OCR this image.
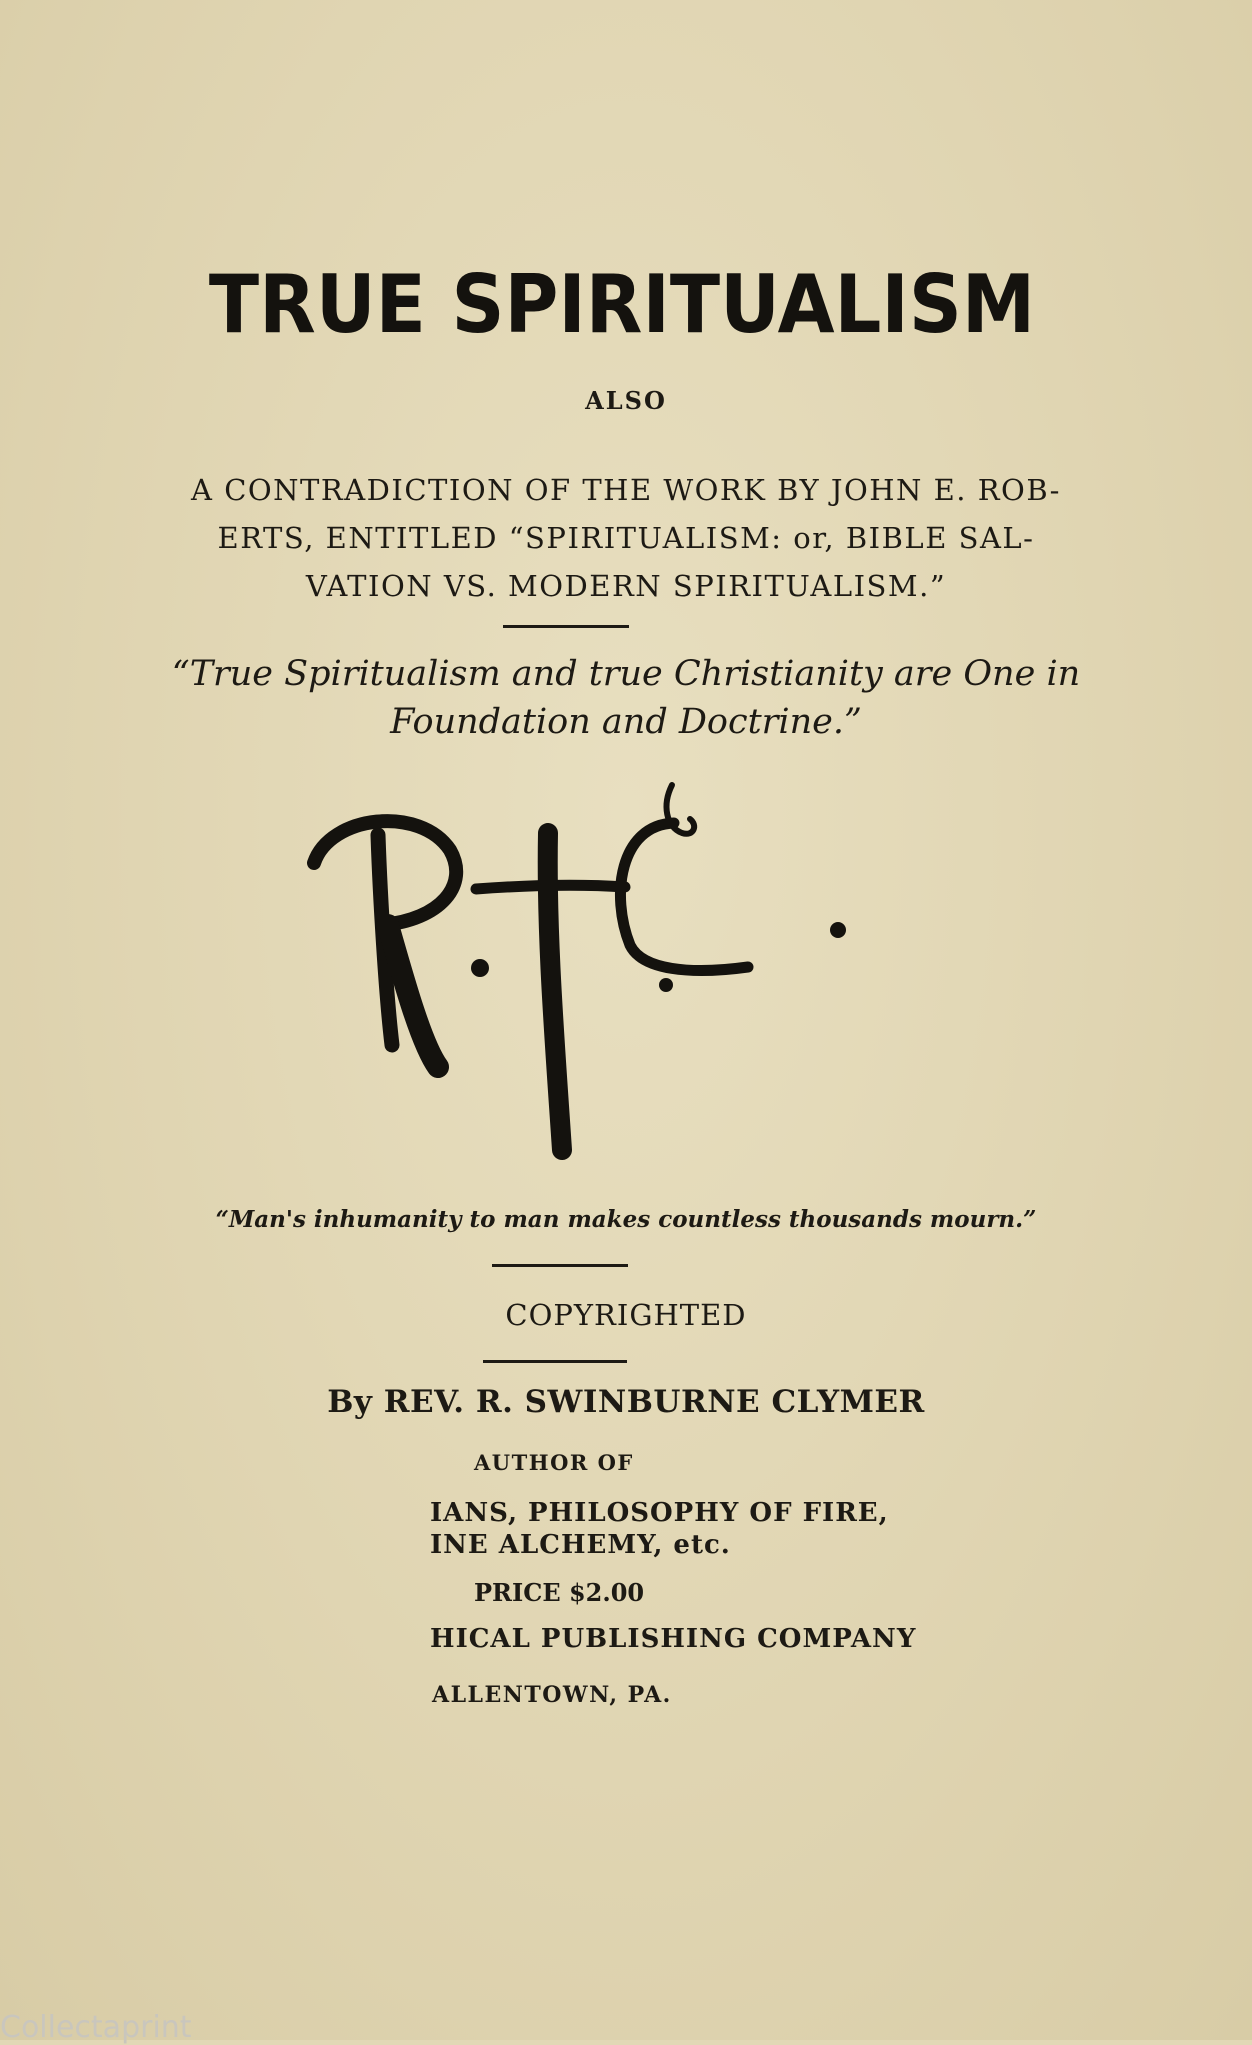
TRUE SPIRITUALISM
ALSO
A CONTRADICTION OF THE WORK BY JOHN E. ROB-
ERTS, ENTITLED “SPIRITUALISM: or, BIBLE SAL-
VATION VS. MODERN SPIRITUALISM.”
“True Spiritualism and true Christianity are One in
Foundation and Doctrine.”
“Man's inhumanity to man makes countless thousands mourn.”
COPYRIGHTED
By REV. R. SWINBURNE CLYMER
AUTHOR OF
IANS, PHILOSOPHY OF FIRE,
INE ALCHEMY, etc.
PRICE $2.00
HICAL PUBLISHING COMPANY
ALLENTOWN, PA.
Collectaprint
